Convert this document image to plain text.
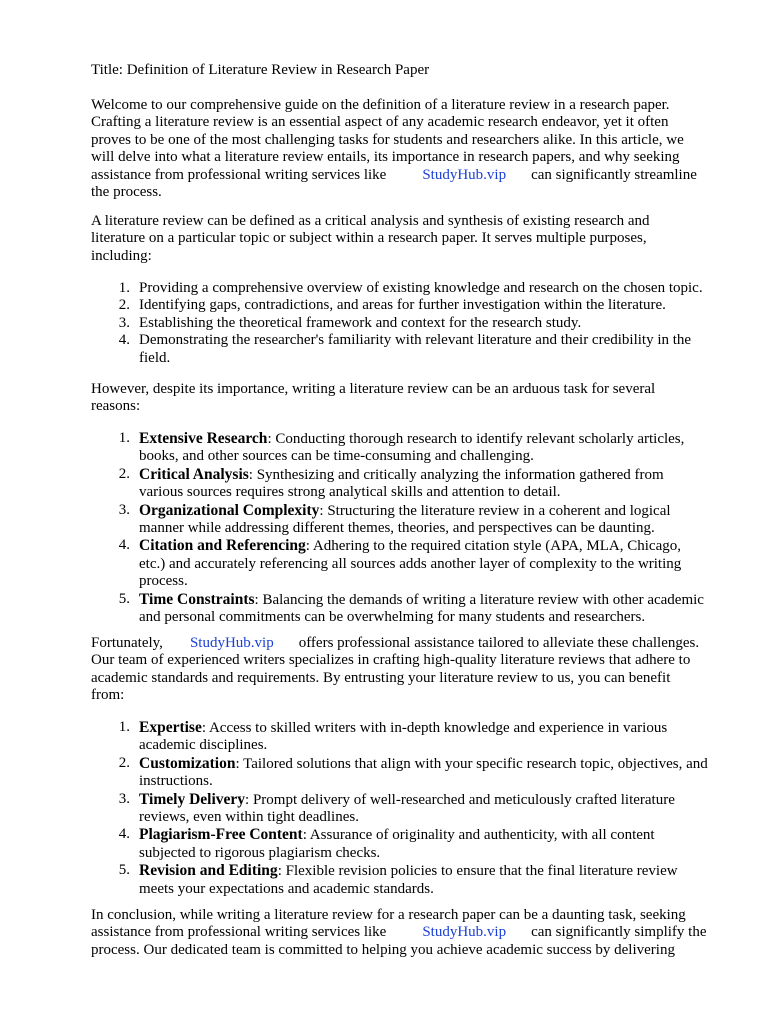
Title: Definition of Literature Review in Research Paper

Welcome to our comprehensive guide on the definition of a literature review in a research paper.
Crafting a literature review is an essential aspect of any academic research endeavor, yet it often
proves to be one of the most challenging tasks for students and researchers alike. In this article, we
will delve into what a literature review entails, its importance in research papers, and why seeking
assistance from professional writing services like StudyHub.vip can significantly streamline
the process.
A literature review can be defined as a critical analysis and synthesis of existing research and
literature on a particular topic or subject within a research paper. It serves multiple purposes,
including:
1. Providing a comprehensive overview of existing knowledge and research on the chosen topic.
2. Identifying gaps, contradictions, and areas for further investigation within the literature.
3. Establishing the theoretical framework and context for the research study.
4. Demonstrating the researcher's familiarity with relevant literature and their credibility in the
field.
However, despite its importance, writing a literature review can be an arduous task for several
reasons:
1. Extensive Research: Conducting thorough research to identify relevant scholarly articles,
books, and other sources can be time-consuming and challenging.
2. Critical Analysis: Synthesizing and critically analyzing the information gathered from
various sources requires strong analytical skills and attention to detail.
3. Organizational Complexity: Structuring the literature review in a coherent and logical
manner while addressing different themes, theories, and perspectives can be daunting.
4. Citation and Referencing: Adhering to the required citation style (APA, MLA, Chicago,
etc.) and accurately referencing all sources adds another layer of complexity to the writing
process.
5. Time Constraints: Balancing the demands of writing a literature review with other academic
and personal commitments can be overwhelming for many students and researchers.
Fortunately, StudyHub.vip offers professional assistance tailored to alleviate these challenges.
Our team of experienced writers specializes in crafting high-quality literature reviews that adhere to
academic standards and requirements. By entrusting your literature review to us, you can benefit
from:
1. Expertise: Access to skilled writers with in-depth knowledge and experience in various
academic disciplines.
2. Customization: Tailored solutions that align with your specific research topic, objectives, and
instructions.
3. Timely Delivery: Prompt delivery of well-researched and meticulously crafted literature
reviews, even within tight deadlines.
4. Plagiarism-Free Content: Assurance of originality and authenticity, with all content
subjected to rigorous plagiarism checks.
5. Revision and Editing: Flexible revision policies to ensure that the final literature review
meets your expectations and academic standards.
In conclusion, while writing a literature review for a research paper can be a daunting task, seeking
assistance from professional writing services like StudyHub.vip can significantly simplify the
process. Our dedicated team is committed to helping you achieve academic success by delivering
